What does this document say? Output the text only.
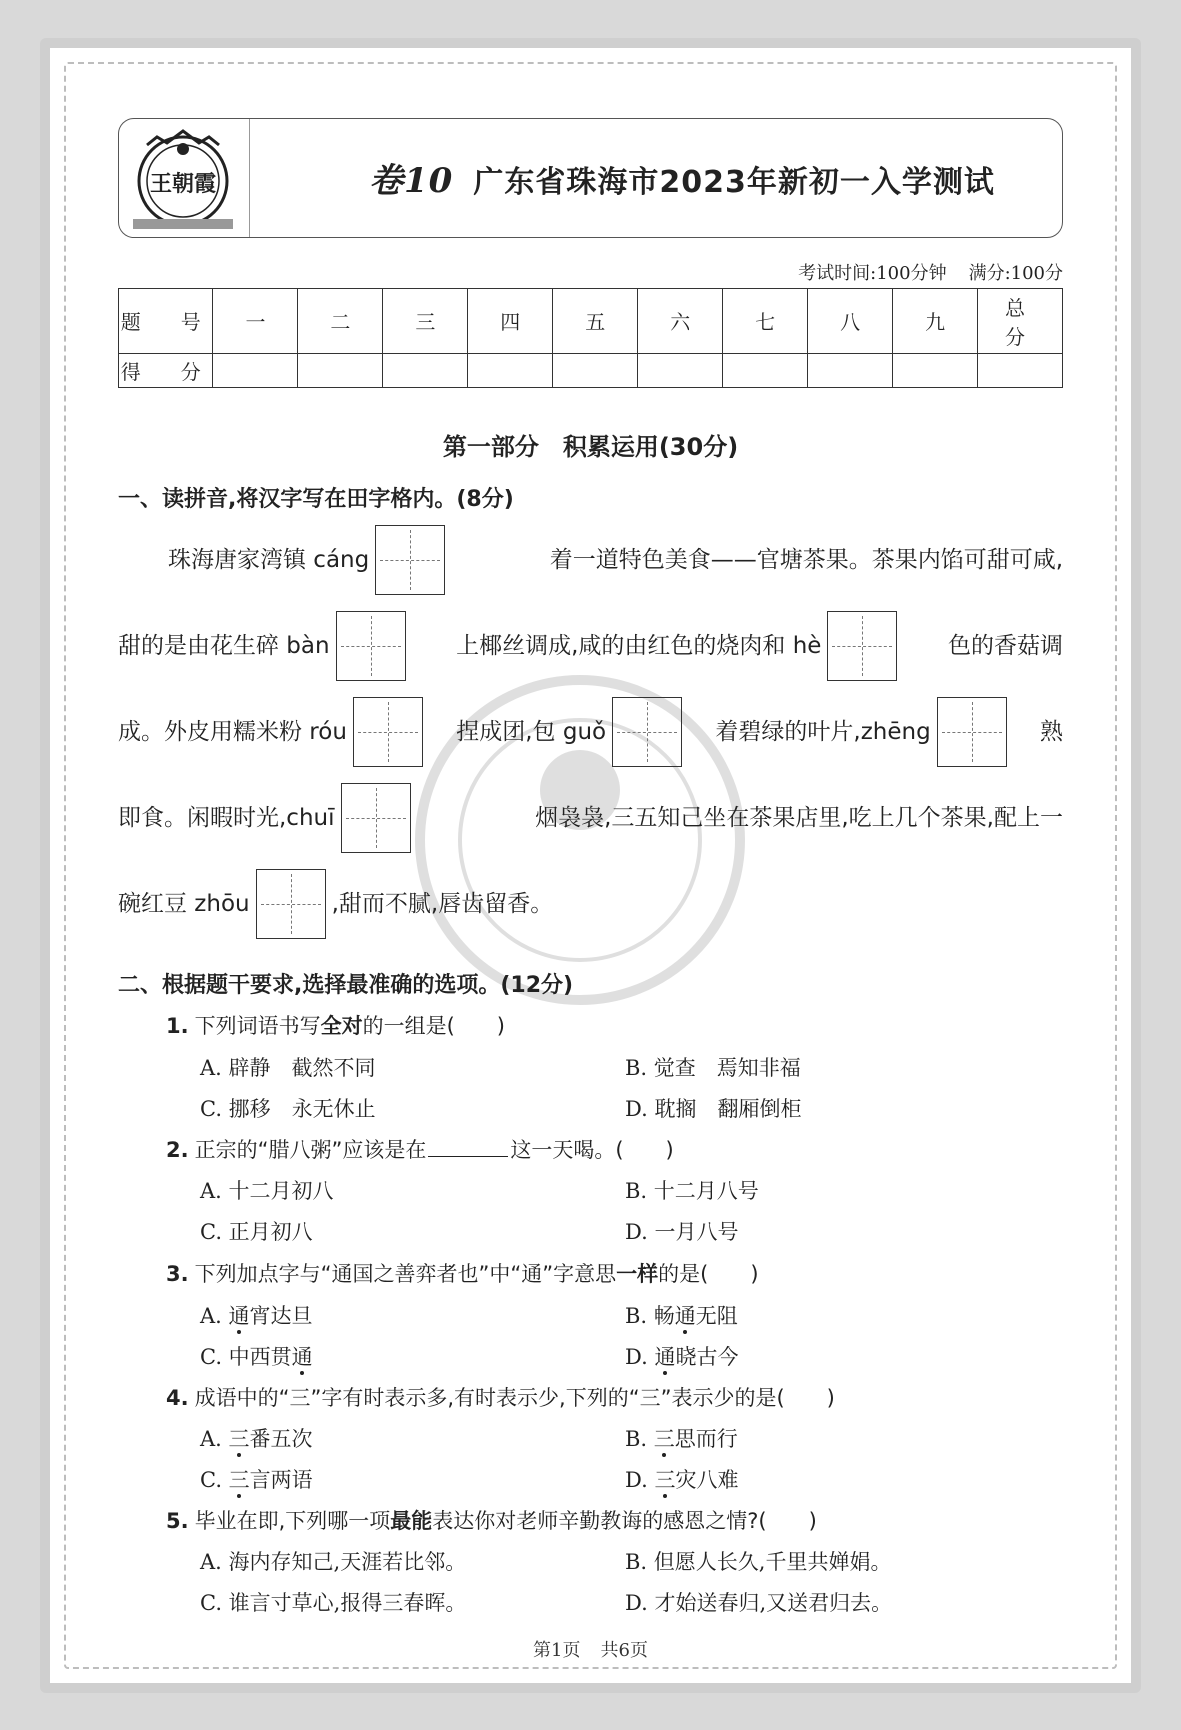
王朝霞	卷10 广东省珠海市2023年新初一入学测试
考试时间:100分钟 满分:100分
题　号	一	二	三	四	五	六	七	八	九	总　分
得　分										
第一部分　积累运用(30分)
一、读拼音,将汉字写在田字格内。(8分)
珠海唐家湾镇 cáng	着一道特色美食——官塘茶果。茶果内馅可甜可咸,
甜的是由花生碎 bàn	上椰丝调成,咸的由红色的烧肉和 hè	色的香菇调
成。外皮用糯米粉 róu	捏成团,包 guǒ	着碧绿的叶片,zhēng	熟
即食。闲暇时光,chuī	烟袅袅,三五知己坐在茶果店里,吃上几个茶果,配上一
碗红豆 zhōu	,甜而不腻,唇齿留香。
二、根据题干要求,选择最准确的选项。(12分)
1. 下列词语书写全对的一组是(　　)
A. 辟静　截然不同	B. 觉查　焉知非福
C. 挪移　永无休止	D. 耽搁　翻厢倒柜
2. 正宗的“腊八粥”应该是在	这一天喝。(　　)
A. 十二月初八	B. 十二月八号
C. 正月初八	D. 一月八号
3. 下列加点字与“通国之善弈者也”中“通”字意思一样的是(　　)
A. 通宵达旦	B. 畅通无阻
C. 中西贯通	D. 通晓古今
4. 成语中的“三”字有时表示多,有时表示少,下列的“三”表示少的是(　　)
A. 三番五次	B. 三思而行
C. 三言两语	D. 三灾八难
5. 毕业在即,下列哪一项最能表达你对老师辛勤教诲的感恩之情?(　　)
A. 海内存知己,天涯若比邻。	B. 但愿人长久,千里共婵娟。
C. 谁言寸草心,报得三春晖。	D. 才始送春归,又送君归去。
第1页 共6页
